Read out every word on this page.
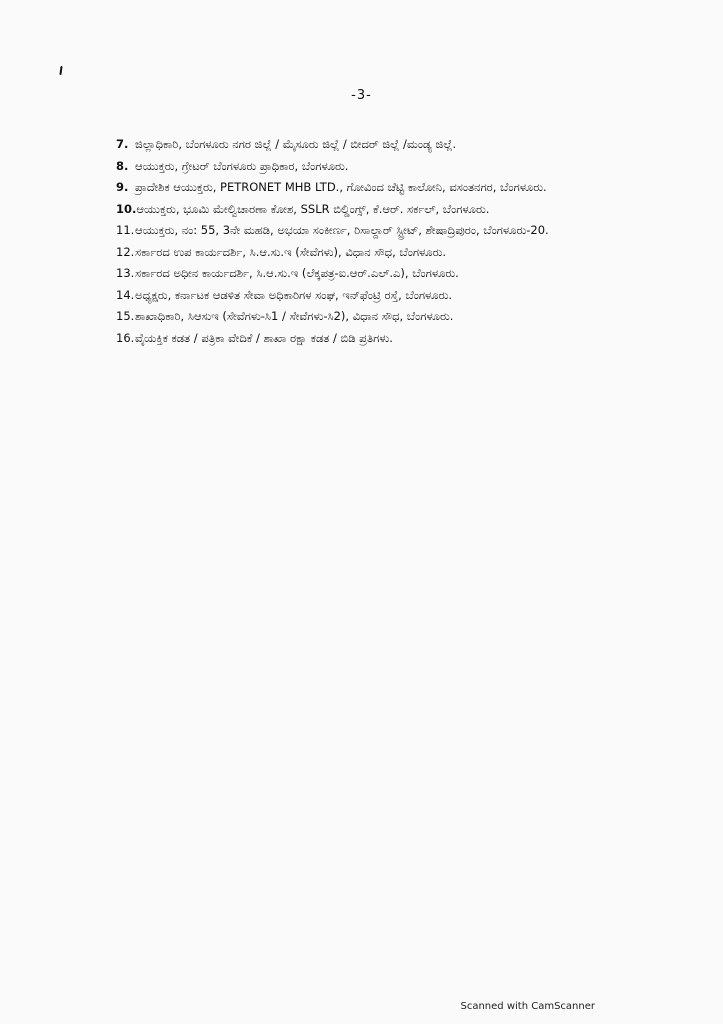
-3-
7. ಜಿಲ್ಲಾಧಿಕಾರಿ, ಬೆಂಗಳೂರು ನಗರ ಜಿಲ್ಲೆ / ಮೈಸೂರು ಜಿಲ್ಲೆ / ಬೀದರ್ ಜಿಲ್ಲೆ /ಮಂಡ್ಯ ಜಿಲ್ಲೆ.
8. ಆಯುಕ್ತರು, ಗ್ರೇಟರ್ ಬೆಂಗಳೂರು ಪ್ರಾಧಿಕಾರ, ಬೆಂಗಳೂರು.
9. ಪ್ರಾದೇಶಿಕ ಆಯುಕ್ತರು, PETRONET MHB LTD., ಗೋವಿಂದ ಚೆಟ್ಟಿ ಕಾಲೋನಿ, ವಸಂತನಗರ, ಬೆಂಗಳೂರು.
10. ಆಯುಕ್ತರು, ಭೂಮಿ ಮೇಲ್ವಿಚಾರಣಾ ಕೋಶ, SSLR ಬಿಲ್ಡಿಂಗ್ಸ್, ಕೆ.ಆರ್. ಸರ್ಕಲ್, ಬೆಂಗಳೂರು.
11. ಆಯುಕ್ತರು, ನಂ: 55, 3ನೇ ಮಹಡಿ, ಅಭಯಾ ಸಂಕೀರ್ಣ, ರಿಸಾಲ್ದಾರ್ ಸ್ಟ್ರೀಟ್, ಶೇಷಾದ್ರಿಪುರಂ, ಬೆಂಗಳೂರು-20.
12. ಸರ್ಕಾರದ ಉಪ ಕಾರ್ಯದರ್ಶಿ, ಸಿ.ಆ.ಸು.ಇ (ಸೇವೆಗಳು), ವಿಧಾನ ಸೌಧ, ಬೆಂಗಳೂರು.
13. ಸರ್ಕಾರದ ಅಧೀನ ಕಾರ್ಯದರ್ಶಿ, ಸಿ.ಆ.ಸು.ಇ (ಲೆಕ್ಕಪತ್ರ-ಐ.ಆರ್.ಎಲ್.ಎ), ಬೆಂಗಳೂರು.
14. ಅಧ್ಯಕ್ಷರು, ಕರ್ನಾಟಕ ಆಡಳಿತ ಸೇವಾ ಅಧಿಕಾರಿಗಳ ಸಂಘ, ಇನ್‌ಫೆಂಟ್ರಿ ರಸ್ತೆ, ಬೆಂಗಳೂರು.
15. ಶಾಖಾಧಿಕಾರಿ, ಸಿಆಸುಇ (ಸೇವೆಗಳು-ಸಿ1 / ಸೇವೆಗಳು-ಸಿ2), ವಿಧಾನ ಸೌಧ, ಬೆಂಗಳೂರು.
16. ವೈಯಕ್ತಿಕ ಕಡತ / ಪತ್ರಿಕಾ ವೇದಿಕೆ / ಶಾಖಾ ರಕ್ಷಾ ಕಡತ / ಬಿಡಿ ಪ್ರತಿಗಳು.
Scanned with CamScanner
